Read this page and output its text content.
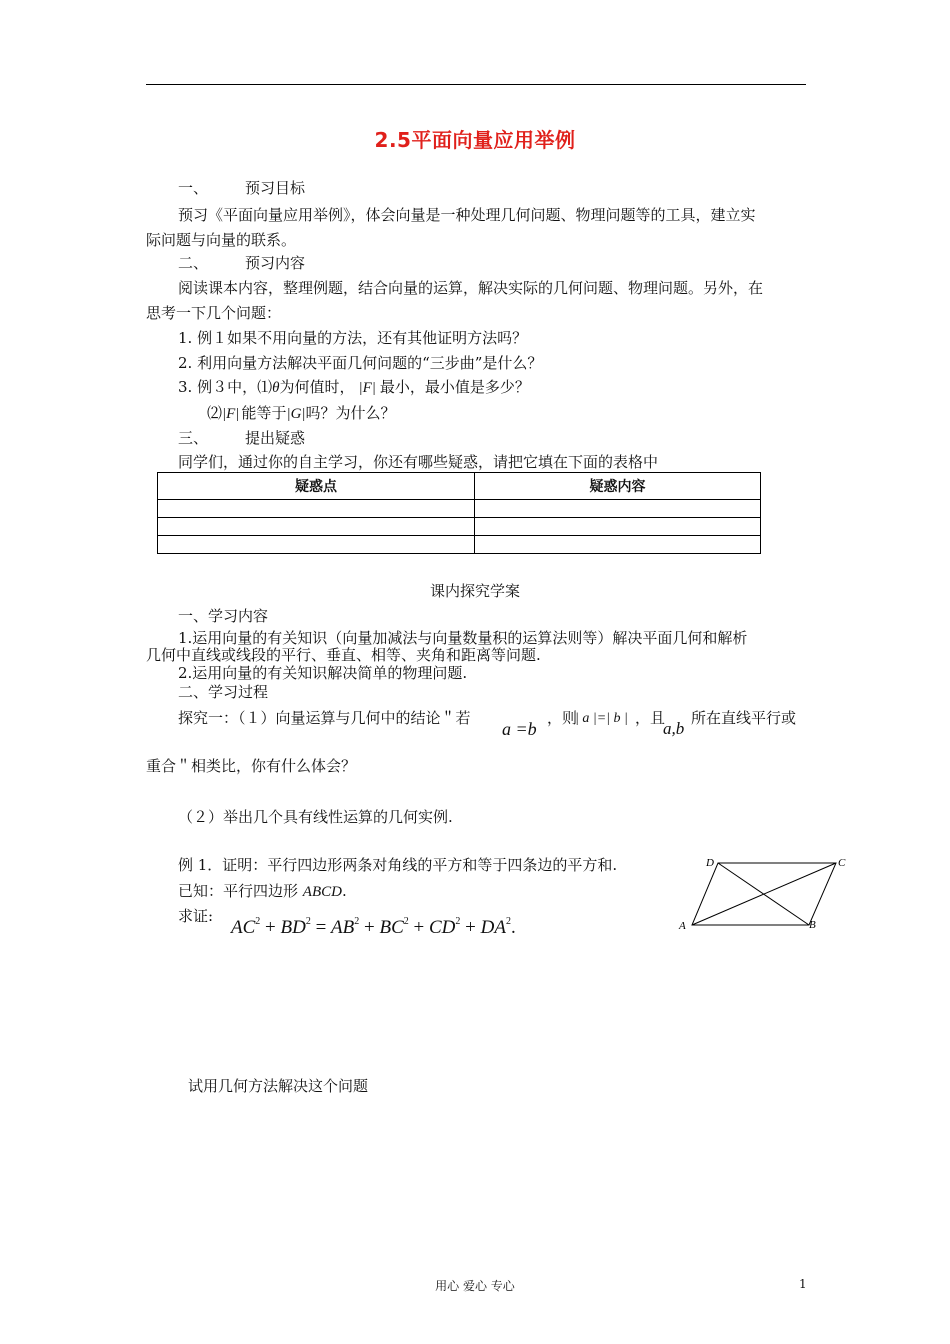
2.5平面向量应用举例
一、 预习目标
预习《平面向量应用举例》，体会向量是一种处理几何问题、物理问题等的工具，建立实
际问题与向量的联系。
二、 预习内容
阅读课本内容，整理例题，结合向量的运算，解决实际的几何问题、物理问题。另外，在
思考一下几个问题：
1. 例１如果不用向量的方法，还有其他证明方法吗？
2. 利用向量方法解决平面几何问题的“三步曲”是什么？
3. 例３中，⑴θ为何值时， |F| 最小，最小值是多少？
⑵|F| 能等于|G|吗？为什么？
三、 提出疑惑
同学们，通过你的自主学习，你还有哪些疑惑，请把它填在下面的表格中
疑惑点	疑惑内容

课内探究学案
一、学习内容
1.运用向量的有关知识（向量加减法与向量数量积的运算法则等）解决平面几何和解析
几何中直线或线段的平行、垂直、相等、夹角和距离等问题.
2.运用向量的有关知识解决简单的物理问题.
二、学习过程
探究一：（１）向量运算与几何中的结论＂若
a =b
，则
| a |=| b | ，且
a,b
所在直线平行或
重合＂相类比，你有什么体会？
（２）举出几个具有线性运算的几何实例.
例 1．证明：平行四边形两条对角线的平方和等于四条边的平方和.
已知：平行四边形 ABCD.
求证:
$AC^2 + BD^2 = AB^2 + BC^2 + CD^2 + DA^2$.	A	B
C
D
试用几何方法解决这个问题
用心 爱心 专心	1
